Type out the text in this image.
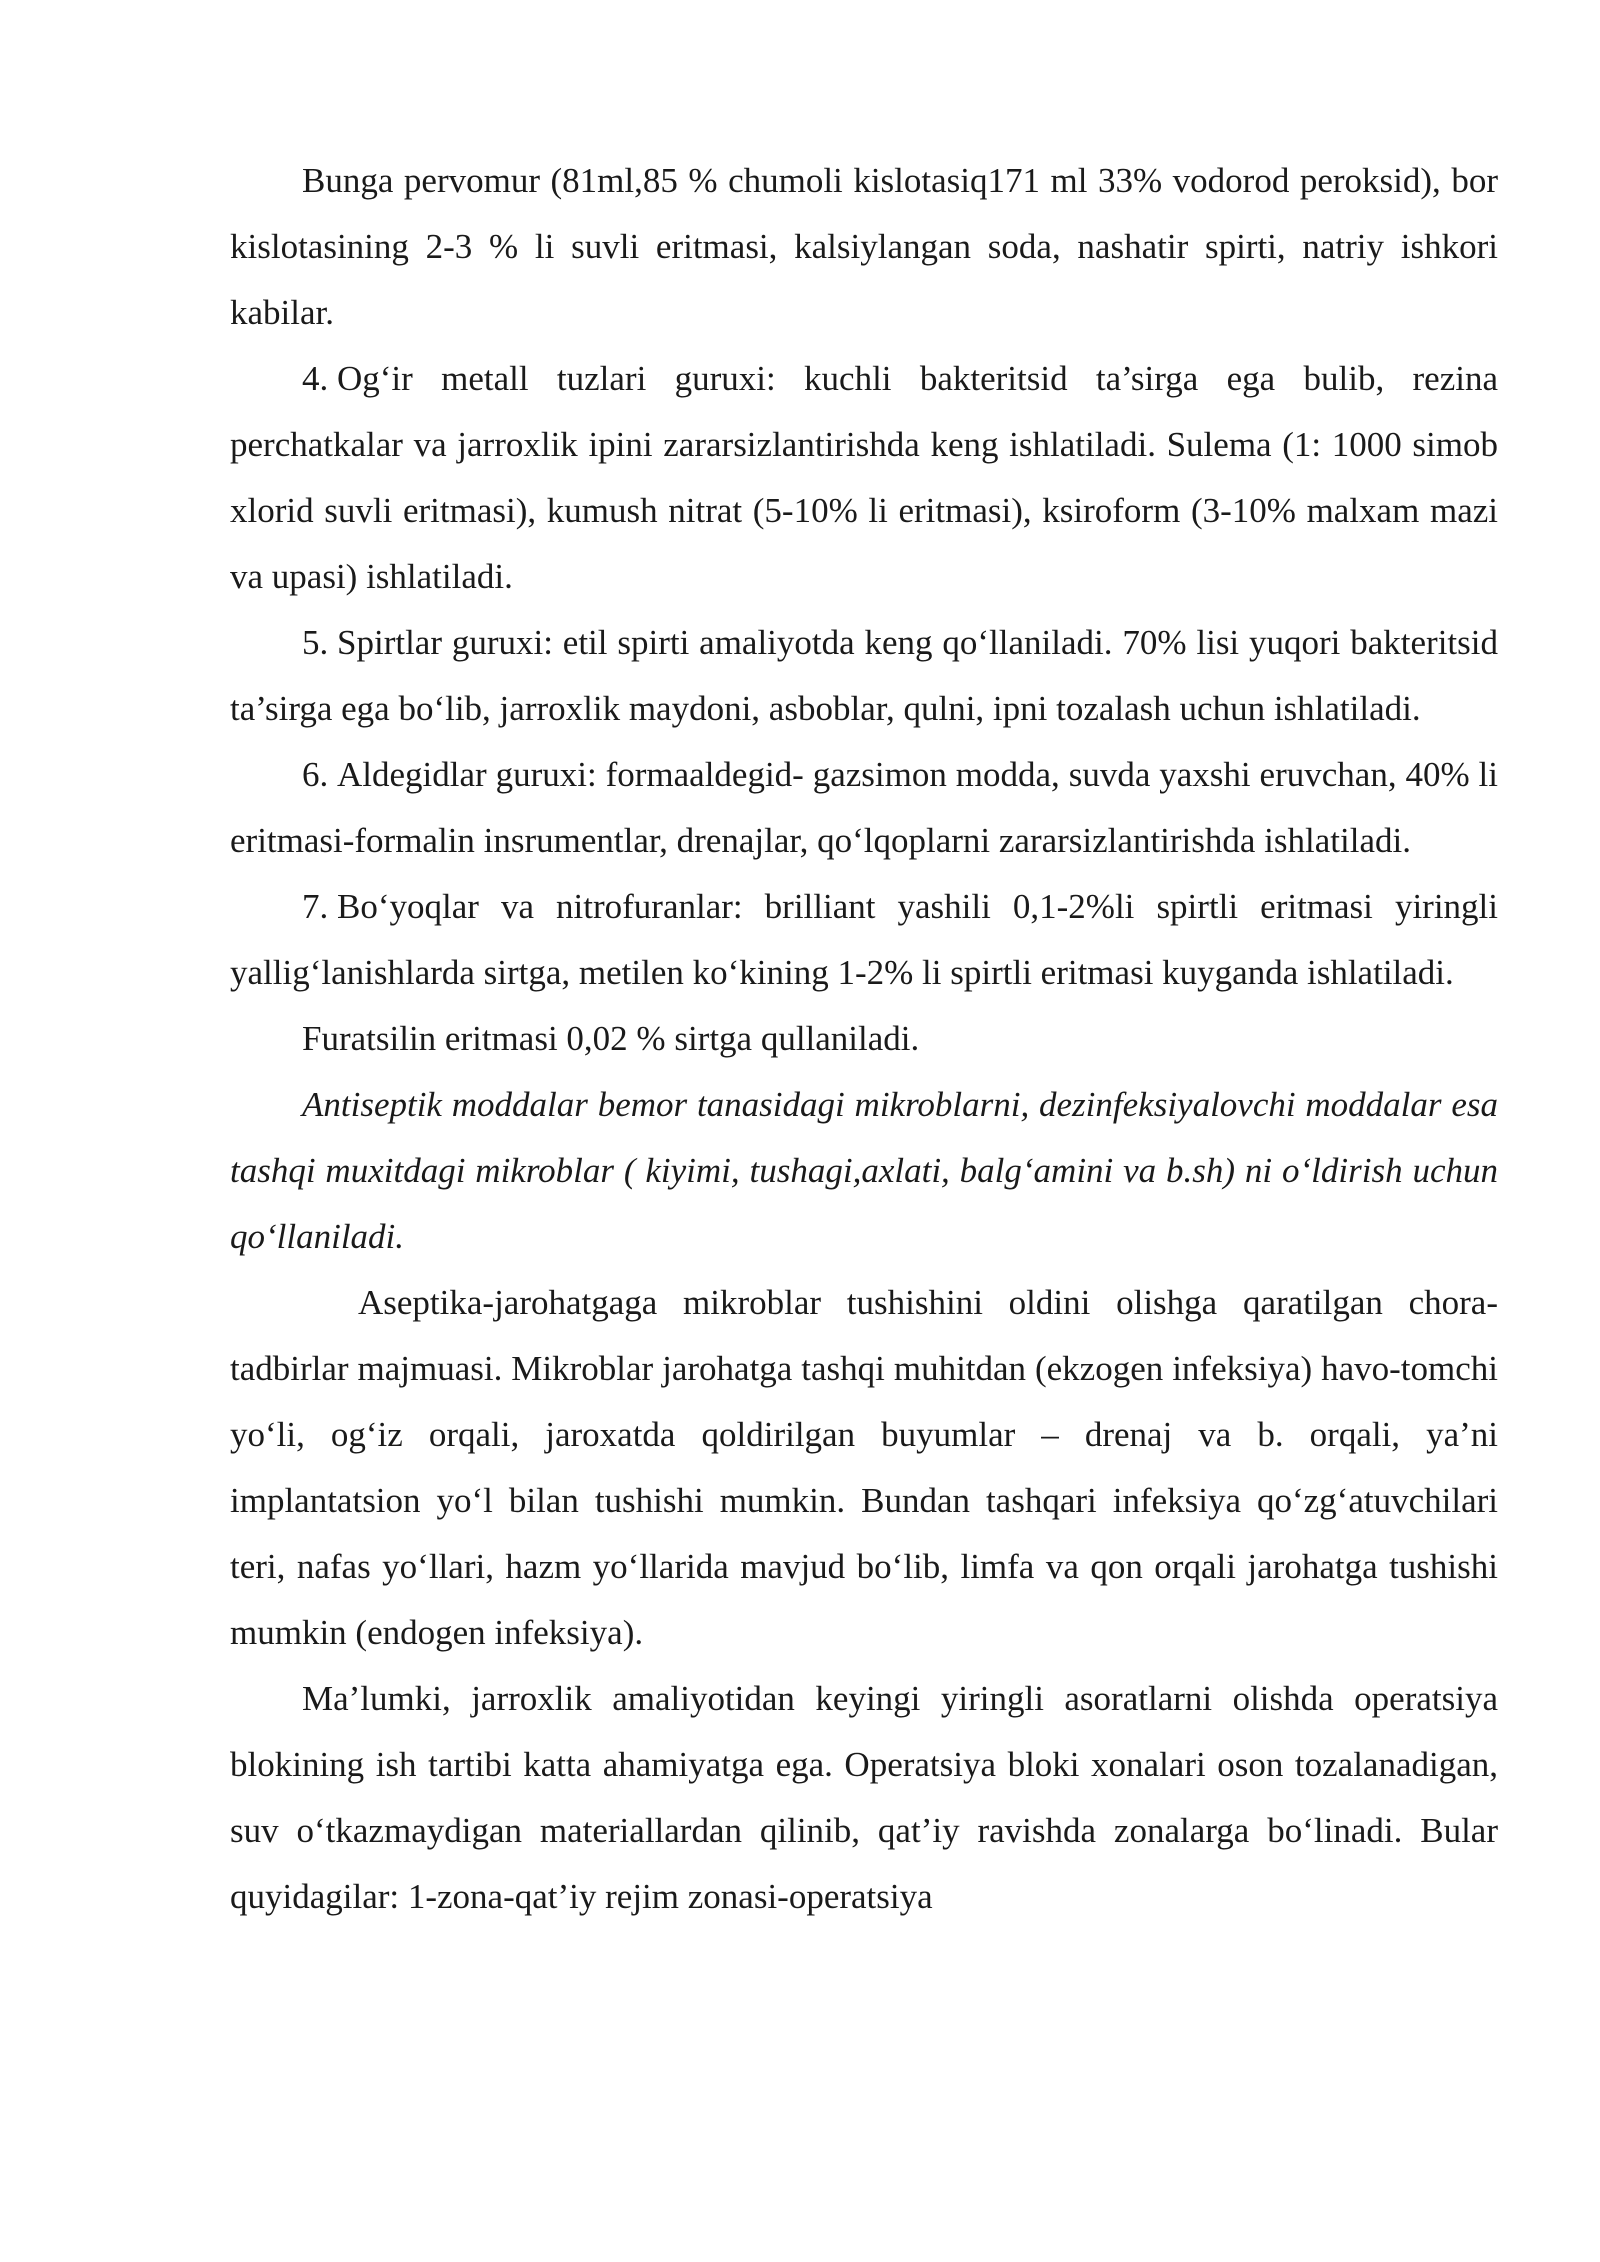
Bunga pervomur (81ml,85 % chumoli kislotasiq171 ml 33% vodorod peroksid), bor kislotasining 2-3 % li suvli eritmasi, kalsiylangan soda, nashatir spirti, natriy ishkori kabilar.

4. Og‘ir metall tuzlari guruxi: kuchli bakteritsid ta’sirga ega bulib, rezina perchatkalar va jarroxlik ipini zararsizlantirishda keng ishlatiladi. Sulema (1: 1000 simob xlorid suvli eritmasi), kumush nitrat (5-10% li eritmasi), ksiroform (3-10% malxam mazi va upasi) ishlatiladi.

5. Spirtlar guruxi: etil spirti amaliyotda keng qo‘llaniladi. 70% lisi yuqori bakteritsid ta’sirga ega bo‘lib, jarroxlik maydoni, asboblar, qulni, ipni tozalash uchun ishlatiladi.

6. Aldegidlar guruxi: formaaldegid- gazsimon modda, suvda yaxshi eruvchan, 40% li eritmasi-formalin insrumentlar, drenajlar, qo‘lqoplarni zararsizlantirishda ishlatiladi.

7. Bo‘yoqlar va nitrofuranlar: brilliant yashili 0,1-2%li spirtli eritmasi yiringli yallig‘lanishlarda sirtga, metilen ko‘kining 1-2% li spirtli eritmasi kuyganda ishlatiladi.

Furatsilin eritmasi 0,02 % sirtga qullaniladi.

Antiseptik moddalar bemor tanasidagi mikroblarni, dezinfeksiyalovchi moddalar esa tashqi muxitdagi mikroblar ( kiyimi, tushagi,axlati, balg‘amini va b.sh) ni o‘ldirish uchun qo‘llaniladi.

Aseptika-jarohatgaga mikroblar tushishini oldini olishga qaratilgan chora-tadbirlar majmuasi. Mikroblar jarohatga tashqi muhitdan (ekzogen infeksiya) havo-tomchi yo‘li, og‘iz orqali, jaroxatda qoldirilgan buyumlar – drenaj va b. orqali, ya’ni implantatsion yo‘l bilan tushishi mumkin. Bundan tashqari infeksiya qo‘zg‘atuvchilari teri, nafas yo‘llari, hazm yo‘llarida mavjud bo‘lib, limfa va qon orqali jarohatga tushishi mumkin (endogen infeksiya).

Ma’lumki, jarroxlik amaliyotidan keyingi yiringli asoratlarni olishda operatsiya blokining ish tartibi katta ahamiyatga ega. Operatsiya bloki xonalari oson tozalanadigan, suv o‘tkazmaydigan materiallardan qilinib, qat’iy ravishda zonalarga bo‘linadi. Bular quyidagilar: 1-zona-qat’iy rejim zonasi-operatsiya
